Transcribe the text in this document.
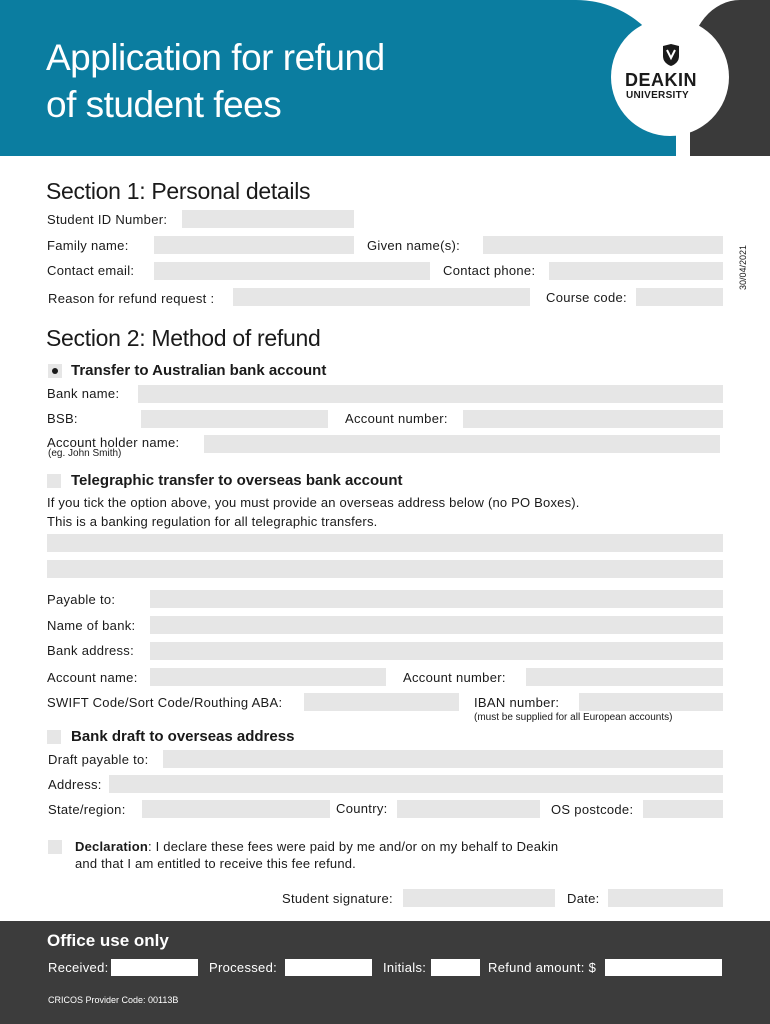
DEAKIN
UNIVERSITY
Application for refund
of student fees
30/04/2021
Section 1: Personal details
Student ID Number:
Family name:	Given name(s):
Contact email:	Contact phone:
Reason for refund request :	Course code:
Section 2: Method of refund
Transfer to Australian bank account
Bank name:
BSB:	Account number:
Account holder name:
(eg. John Smith)
Telegraphic transfer to overseas bank account
If you tick the option above, you must provide an overseas address below (no PO Boxes).
This is a banking regulation for all telegraphic transfers.
Payable to:
Name of bank:
Bank address:
Account name:	Account number:
SWIFT Code/Sort Code/Routhing ABA:	IBAN number:
(must be supplied for all European accounts)
Bank draft to overseas address
Draft payable to:
Address:
State/region:	Country:	OS postcode:
Declaration: I declare these fees were paid by me and/or on my behalf to Deakin
and that I am entitled to receive this fee refund.
Student signature:	Date:
Office use only
Received:	Processed:	Initials:	Refund amount: $
CRICOS Provider Code: 00113B
